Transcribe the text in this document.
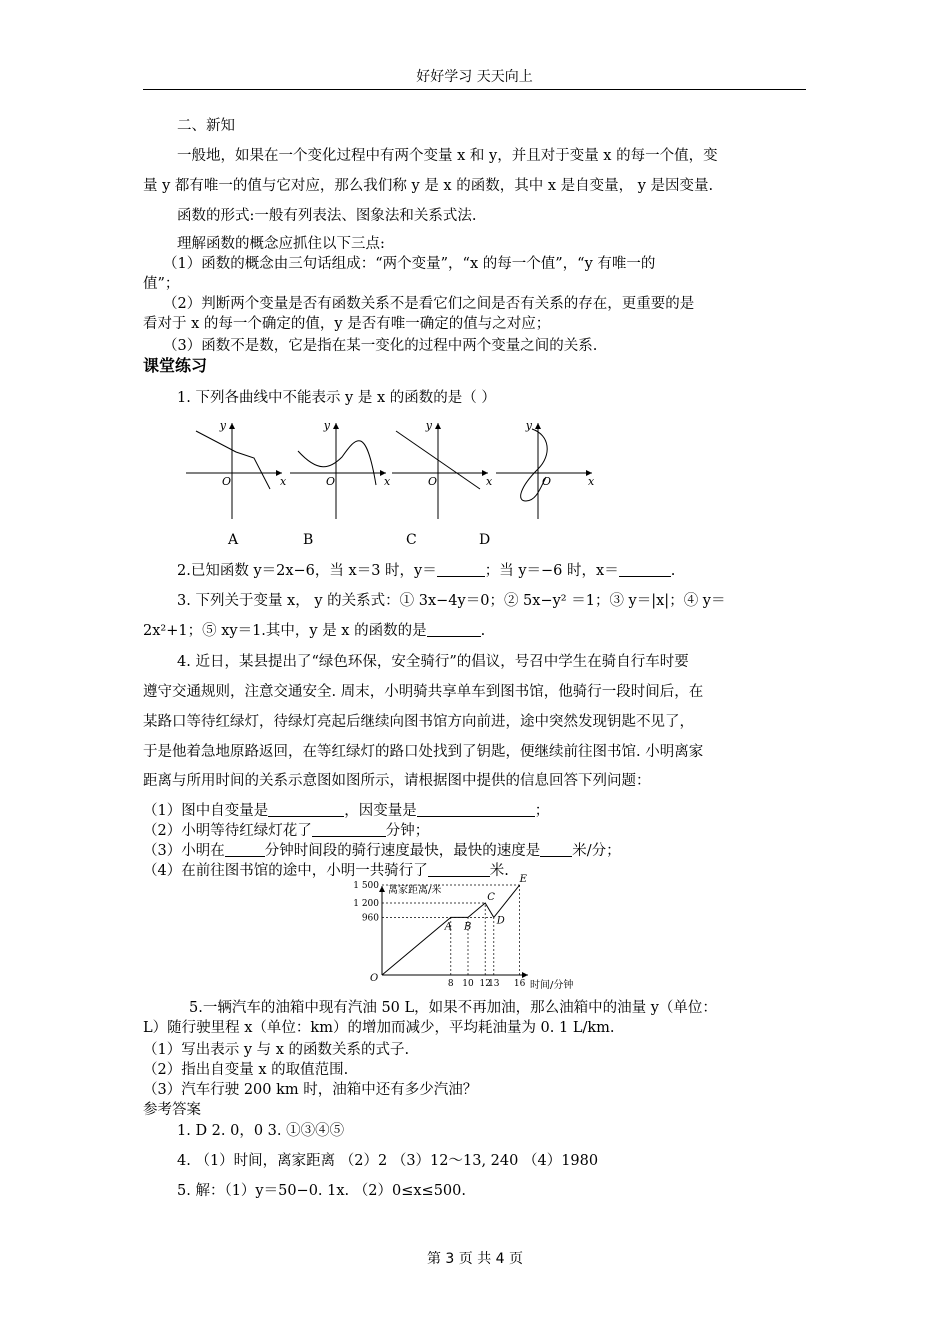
好好学习 天天向上
二、新知
一般地，如果在一个变化过程中有两个变量 x 和 y，并且对于变量 x 的每一个值，变
量 y 都有唯一的值与它对应，那么我们称 y 是 x 的函数，其中 x 是自变量， y 是因变量.
函数的形式:一般有列表法、图象法和关系式法.
理解函数的概念应抓住以下三点:
（1）函数的概念由三句话组成：“两个变量”，“x 的每一个值”，“y 有唯一的
值”；
（2）判断两个变量是否有函数关系不是看它们之间是否有关系的存在，更重要的是
看对于 x 的每一个确定的值，y 是否有唯一确定的值与之对应；
（3）函数不是数，它是指在某一变化的过程中两个变量之间的关系.
课堂练习
1. 下列各曲线中不能表示 y 是 x 的函数的是（ ）
y
x
O
y
x
O
y
x
O
y
x
O
A	B	C	D
2.已知函数 y＝2x−6，当 x＝3 时，y＝	；当 y＝−6 时，x＝	.
3. 下列关于变量 x， y 的关系式：① 3x−4y＝0；② 5x−y² ＝1；③ y＝|x|；④ y＝
2x²+1；⑤ xy＝1.其中，y 是 x 的函数的是	.
4. 近日，某县提出了“绿色环保，安全骑行”的倡议，号召中学生在骑自行车时要
遵守交通规则，注意交通安全. 周末，小明骑共享单车到图书馆，他骑行一段时间后，在
某路口等待红绿灯，待绿灯亮起后继续向图书馆方向前进，途中突然发现钥匙不见了，
于是他着急地原路返回，在等红绿灯的路口处找到了钥匙，便继续前往图书馆. 小明离家
距离与所用时间的关系示意图如图所示，请根据图中提供的信息回答下列问题：
（1）图中自变量是	，因变量是	；
（2）小明等待红绿灯花了	分钟；
（3）小明在	分钟时间段的骑行速度最快，最快的速度是 米/分；
（4）在前往图书馆的途中，小明一共骑行了	米.
离家距离/米
时间/分钟
O
960
1 200
1 500
8 10 12
13 16
A B
C
D
E
5.一辆汽车的油箱中现有汽油 50 L，如果不再加油，那么油箱中的油量 y（单位：
L）随行驶里程 x（单位：km）的增加而减少，平均耗油量为 0. 1 L/km.
（1）写出表示 y 与 x 的函数关系的式子.
（2）指出自变量 x 的取值范围.
（3）汽车行驶 200 km 时，油箱中还有多少汽油？
参考答案
1. D 2. 0，0 3. ①③④⑤
4. （1）时间，离家距离 （2）2 （3）12～13, 240 （4）1980
5. 解：（1）y＝50−0. 1x. （2）0≤x≤500.
第 3 页 共 4 页
